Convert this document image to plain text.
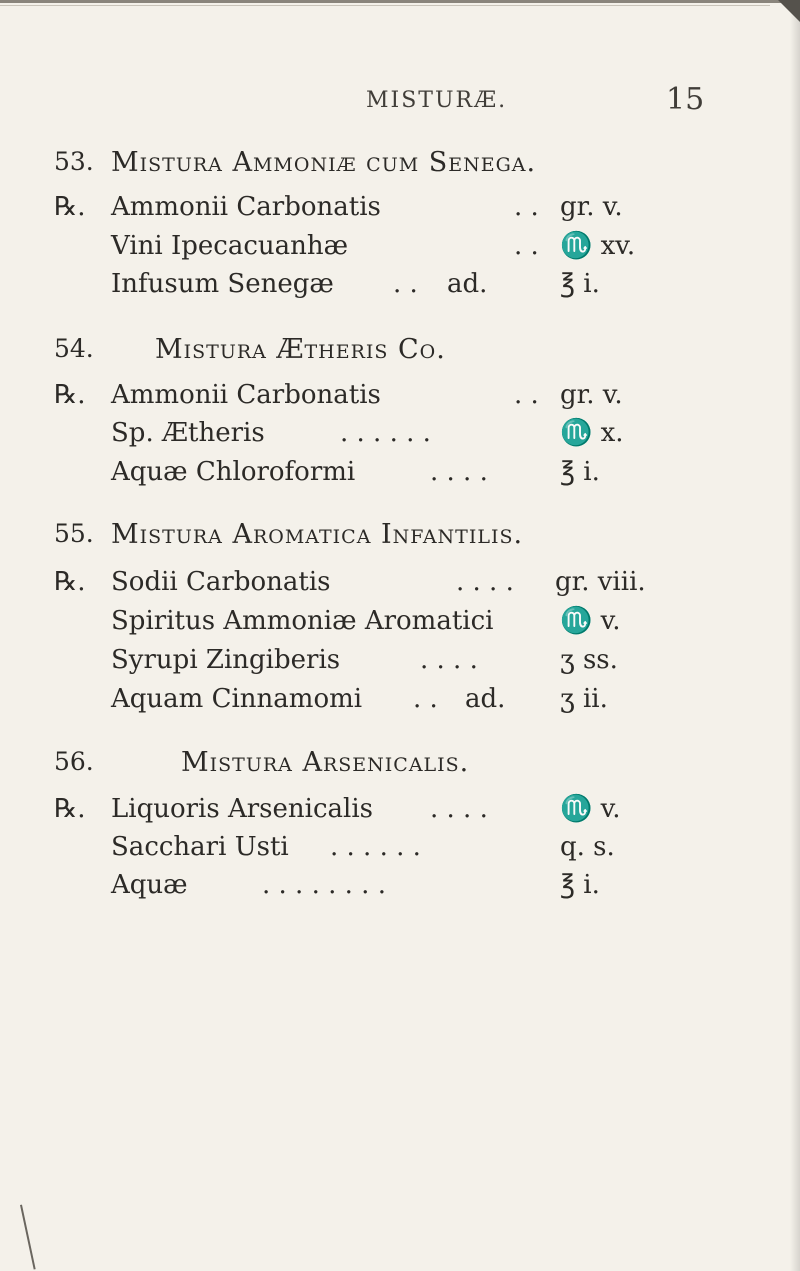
MISTURÆ.	15
53. Mistura Ammoniæ cum Senega.
℞. Ammonii Carbonatis	. . gr. v.
Vini Ipecacuanhæ	. . ♏ xv.
Infusum Senegæ . . ad.	℥ i.
54. Mistura Ætheris Co.
℞. Ammonii Carbonatis	. . gr. v.
Sp. Ætheris	. . . . . .	♏ x.
Aquæ Chloroformi	. . . .	℥ i.
55. Mistura Aromatica Infantilis.
℞. Sodii Carbonatis	. . . . gr. viii.
Spiritus Ammoniæ Aromatici	♏ v.
Syrupi Zingiberis	. . . .	ʒ ss.
Aquam Cinnamomi . . ad. ʒ ii.
56.	Mistura Arsenicalis.
℞. Liquoris Arsenicalis . . . .	♏ v.
Sacchari Usti . . . . . .	q. s.
Aquæ	. . . . . . . .	℥ i.
